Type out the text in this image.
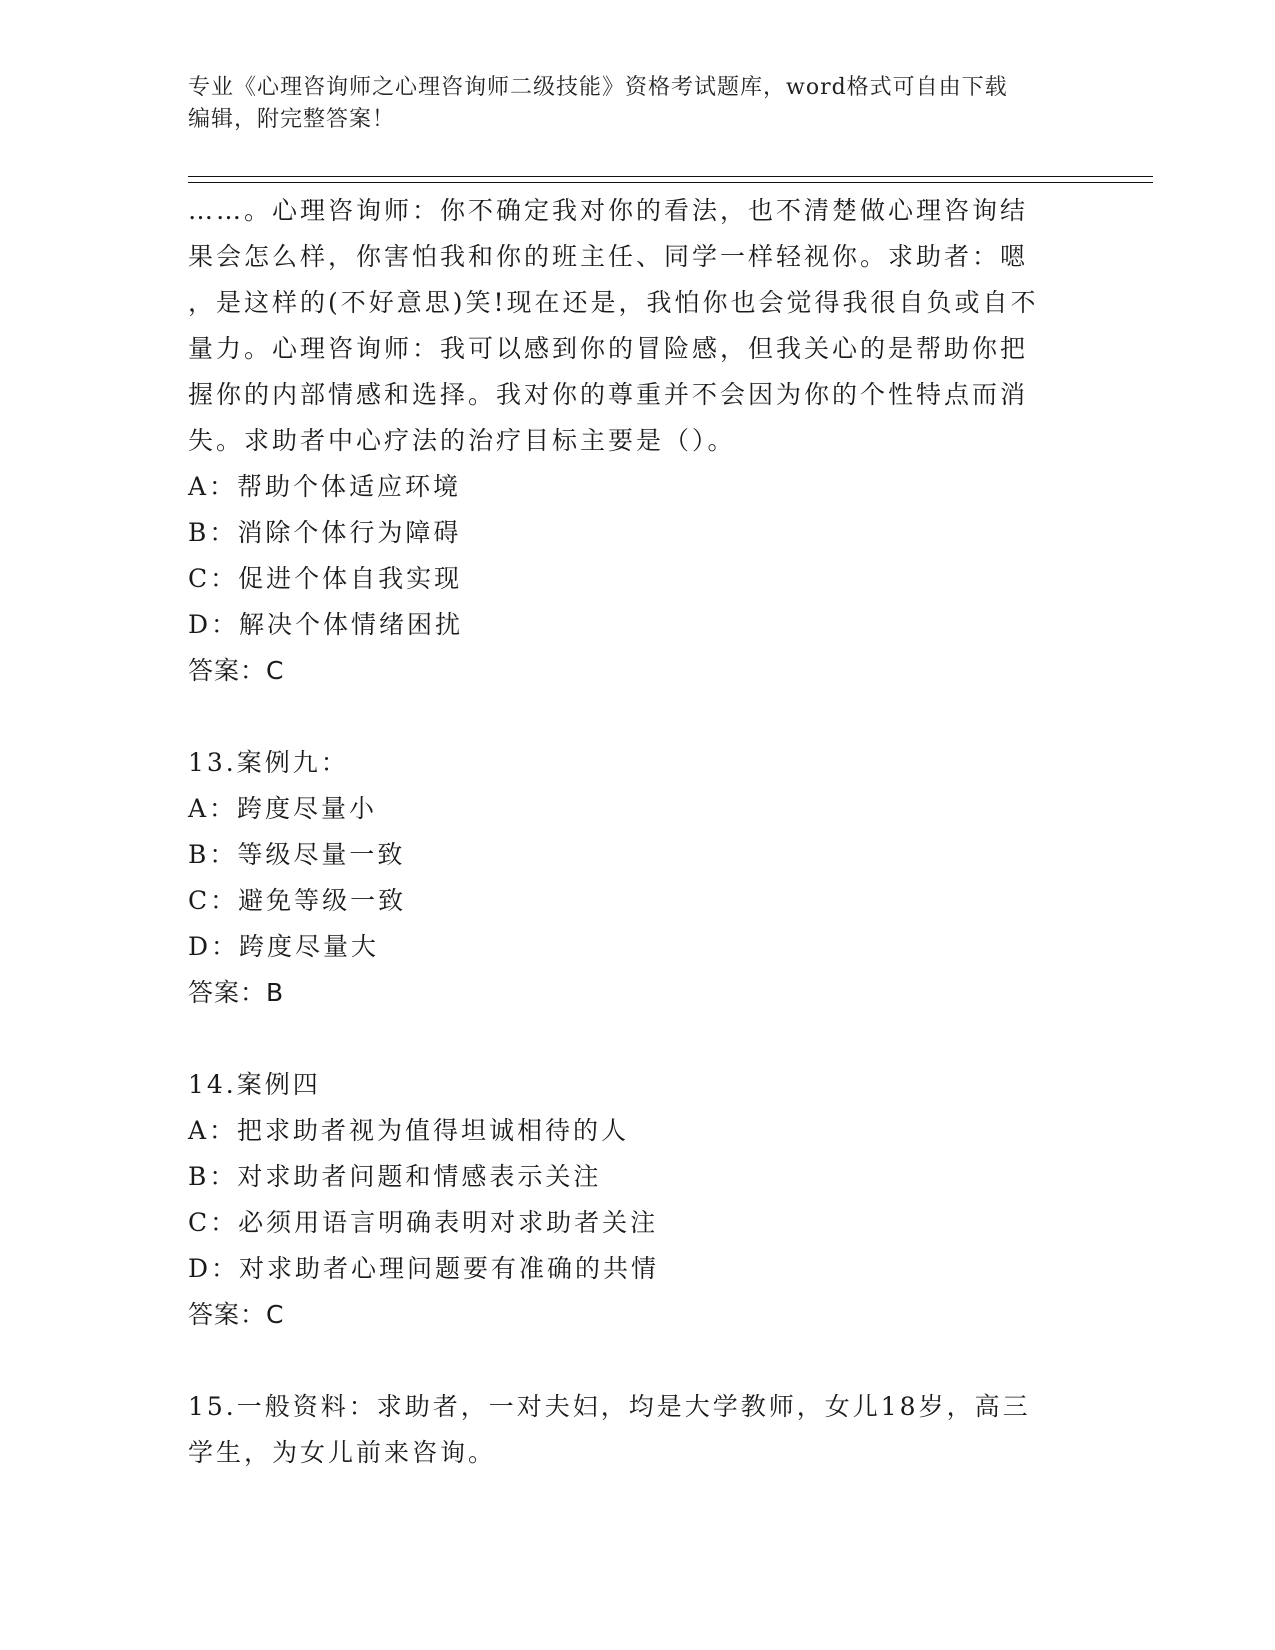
专业《心理咨询师之心理咨询师二级技能》资格考试题库，word格式可自由下载
编辑，附完整答案！
……。心理咨询师：你不确定我对你的看法，也不清楚做心理咨询结
果会怎么样，你害怕我和你的班主任、同学一样轻视你。求助者：嗯
，是这样的(不好意思)笑!现在还是，我怕你也会觉得我很自负或自不
量力。心理咨询师：我可以感到你的冒险感，但我关心的是帮助你把
握你的内部情感和选择。我对你的尊重并不会因为你的个性特点而消
失。求助者中心疗法的治疗目标主要是（）。
A：帮助个体适应环境
B：消除个体行为障碍
C：促进个体自我实现
D：解决个体情绪困扰
答案：C
13.案例九：
A：跨度尽量小
B：等级尽量一致
C：避免等级一致
D：跨度尽量大
答案：B
14.案例四
A：把求助者视为值得坦诚相待的人
B：对求助者问题和情感表示关注
C：必须用语言明确表明对求助者关注
D：对求助者心理问题要有准确的共情
答案：C
15.一般资料：求助者，一对夫妇，均是大学教师，女儿18岁，高三
学生，为女儿前来咨询。
